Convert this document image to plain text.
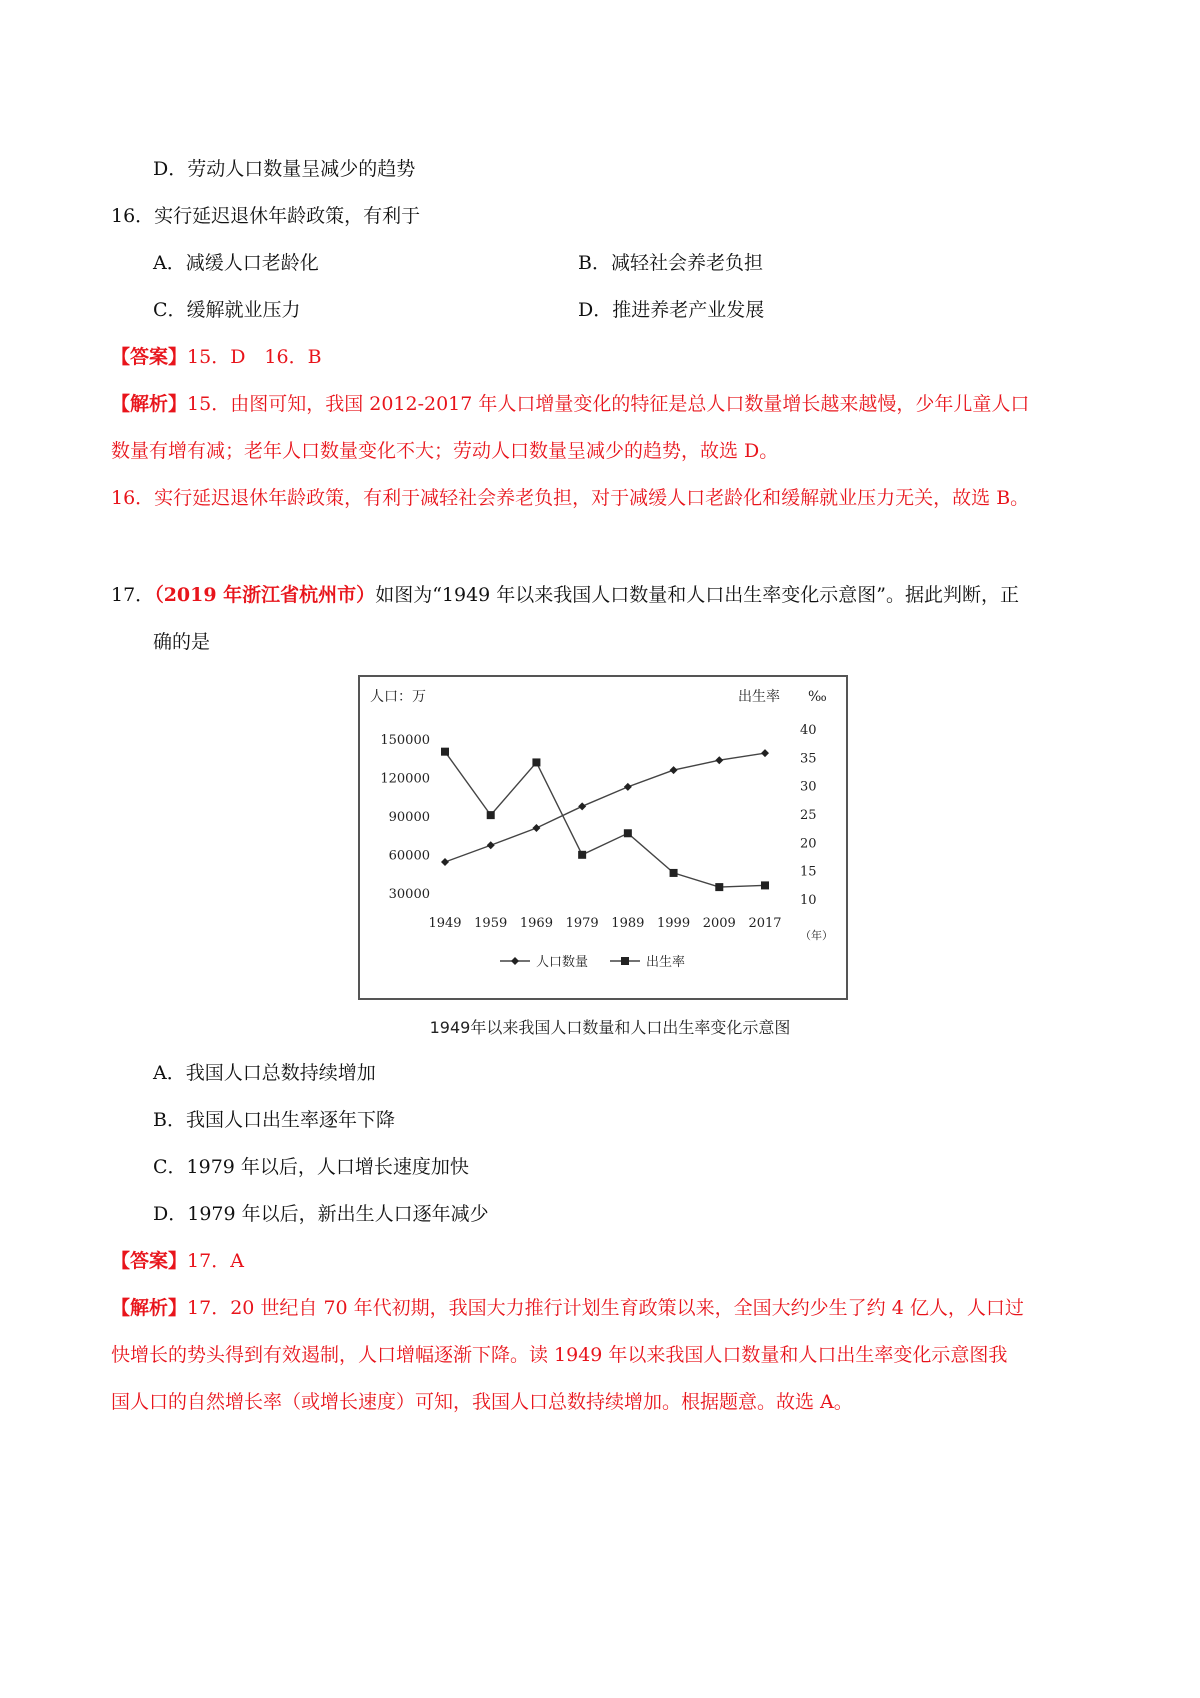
D．劳动人口数量呈减少的趋势
16．实行延迟退休年龄政策，有利于
A．减缓人口老龄化	B．减轻社会养老负担
C．缓解就业压力	D．推进养老产业发展
【答案】15．D　16．B
【解析】15．由图可知，我国 2012-2017 年人口增量变化的特征是总人口数量增长越来越慢，少年儿童人口
数量有增有减；老年人口数量变化不大；劳动人口数量呈减少的趋势，故选 D。
16．实行延迟退休年龄政策，有利于减轻社会养老负担，对于减缓人口老龄化和缓解就业压力无关，故选 B。
17．（2019 年浙江省杭州市）如图为“1949 年以来我国人口数量和人口出生率变化示意图”。据此判断，正
确的是
人口：万	出生率 ‰
（年）
150000
120000
90000
60000
30000
40
35
30
25
20
15
10
1949 1959 1969 1979 1989 1999 2009 2017
人口数量	出生率
1949年以来我国人口数量和人口出生率变化示意图
A．我国人口总数持续增加
B．我国人口出生率逐年下降
C．1979 年以后，人口增长速度加快
D．1979 年以后，新出生人口逐年减少
【答案】17．A
【解析】17．20 世纪自 70 年代初期，我国大力推行计划生育政策以来，全国大约少生了约 4 亿人，人口过
快增长的势头得到有效遏制，人口增幅逐渐下降。读 1949 年以来我国人口数量和人口出生率变化示意图我
国人口的自然增长率（或增长速度）可知，我国人口总数持续增加。根据题意。故选 A。
